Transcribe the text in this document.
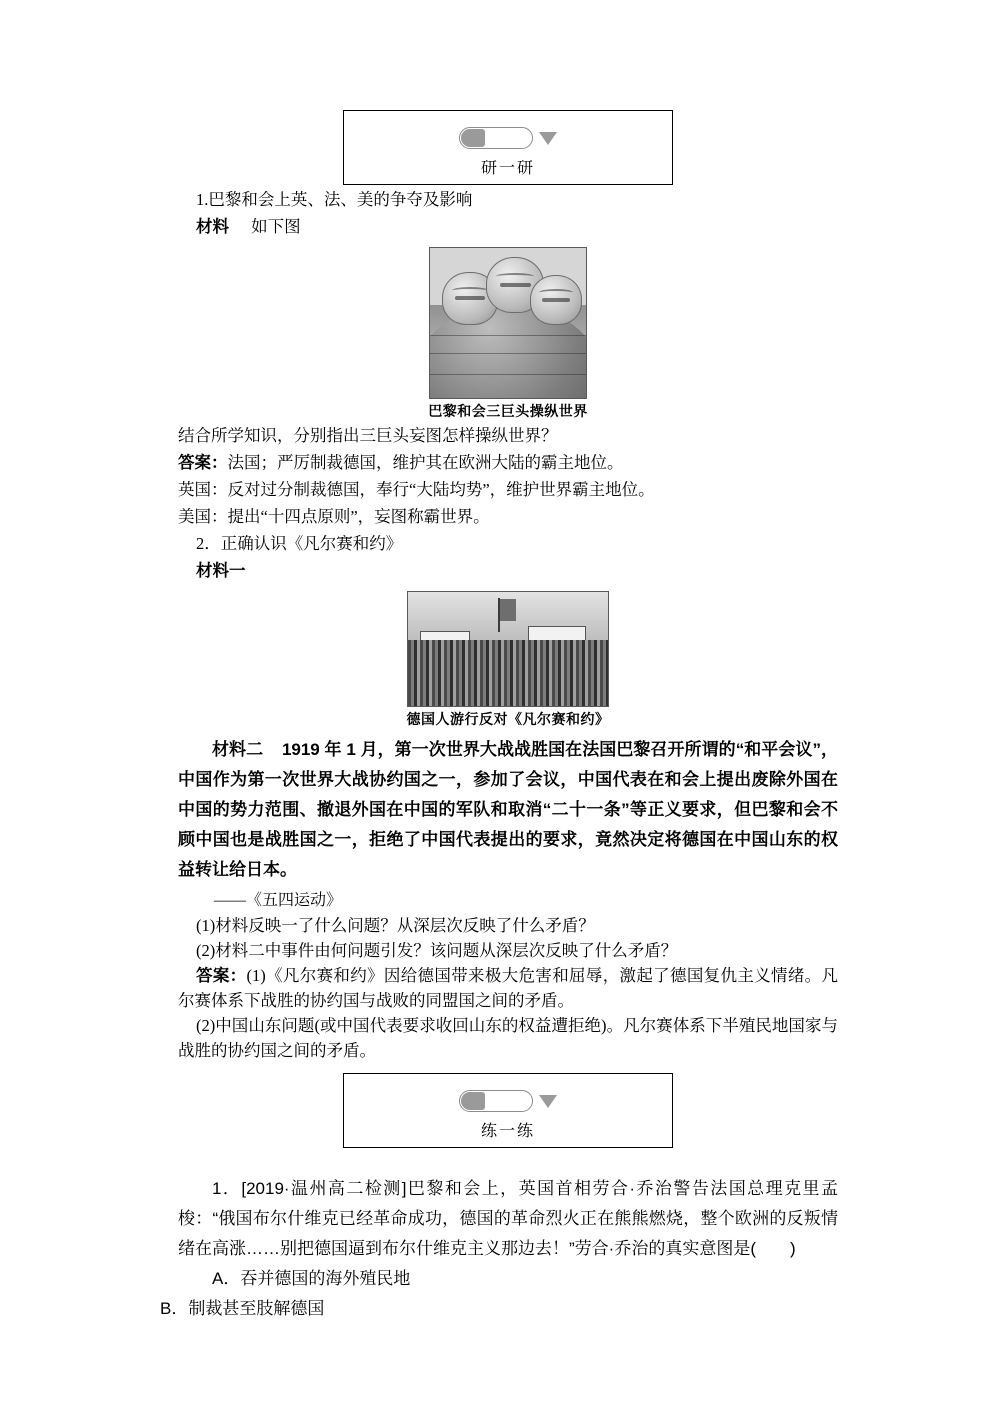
研一研
1.巴黎和会上英、法、美的争夺及影响
材料 如下图
巴黎和会三巨头操纵世界
结合所学知识，分别指出三巨头妄图怎样操纵世界？
答案：法国；严厉制裁德国，维护其在欧洲大陆的霸主地位。
英国：反对过分制裁德国，奉行“大陆均势”，维护世界霸主地位。
美国：提出“十四点原则”，妄图称霸世界。
2．正确认识《凡尔赛和约》
材料一
德国人游行反对《凡尔赛和约》
材料二 1919 年 1 月，第一次世界大战战胜国在法国巴黎召开所谓的“和平会议”，中国作为第一次世界大战协约国之一，参加了会议，中国代表在和会上提出废除外国在中国的势力范围、撤退外国在中国的军队和取消“二十一条”等正义要求，但巴黎和会不顾中国也是战胜国之一，拒绝了中国代表提出的要求，竟然决定将德国在中国山东的权益转让给日本。
——《五四运动》
(1)材料反映一了什么问题？从深层次反映了什么矛盾？
(2)材料二中事件由何问题引发？该问题从深层次反映了什么矛盾？
答案：(1)《凡尔赛和约》因给德国带来极大危害和屈辱，激起了德国复仇主义情绪。凡尔赛体系下战胜的协约国与战败的同盟国之间的矛盾。
(2)中国山东问题(或中国代表要求收回山东的权益遭拒绝)。凡尔赛体系下半殖民地国家与战胜的协约国之间的矛盾。
练一练
1．[2019·温州高二检测]巴黎和会上，英国首相劳合·乔治警告法国总理克里孟梭：“俄国布尔什维克已经革命成功，德国的革命烈火正在熊熊燃烧，整个欧洲的反叛情绪在高涨……别把德国逼到布尔什维克主义那边去！”劳合·乔治的真实意图是(　　)
A．吞并德国的海外殖民地
B．制裁甚至肢解德国
